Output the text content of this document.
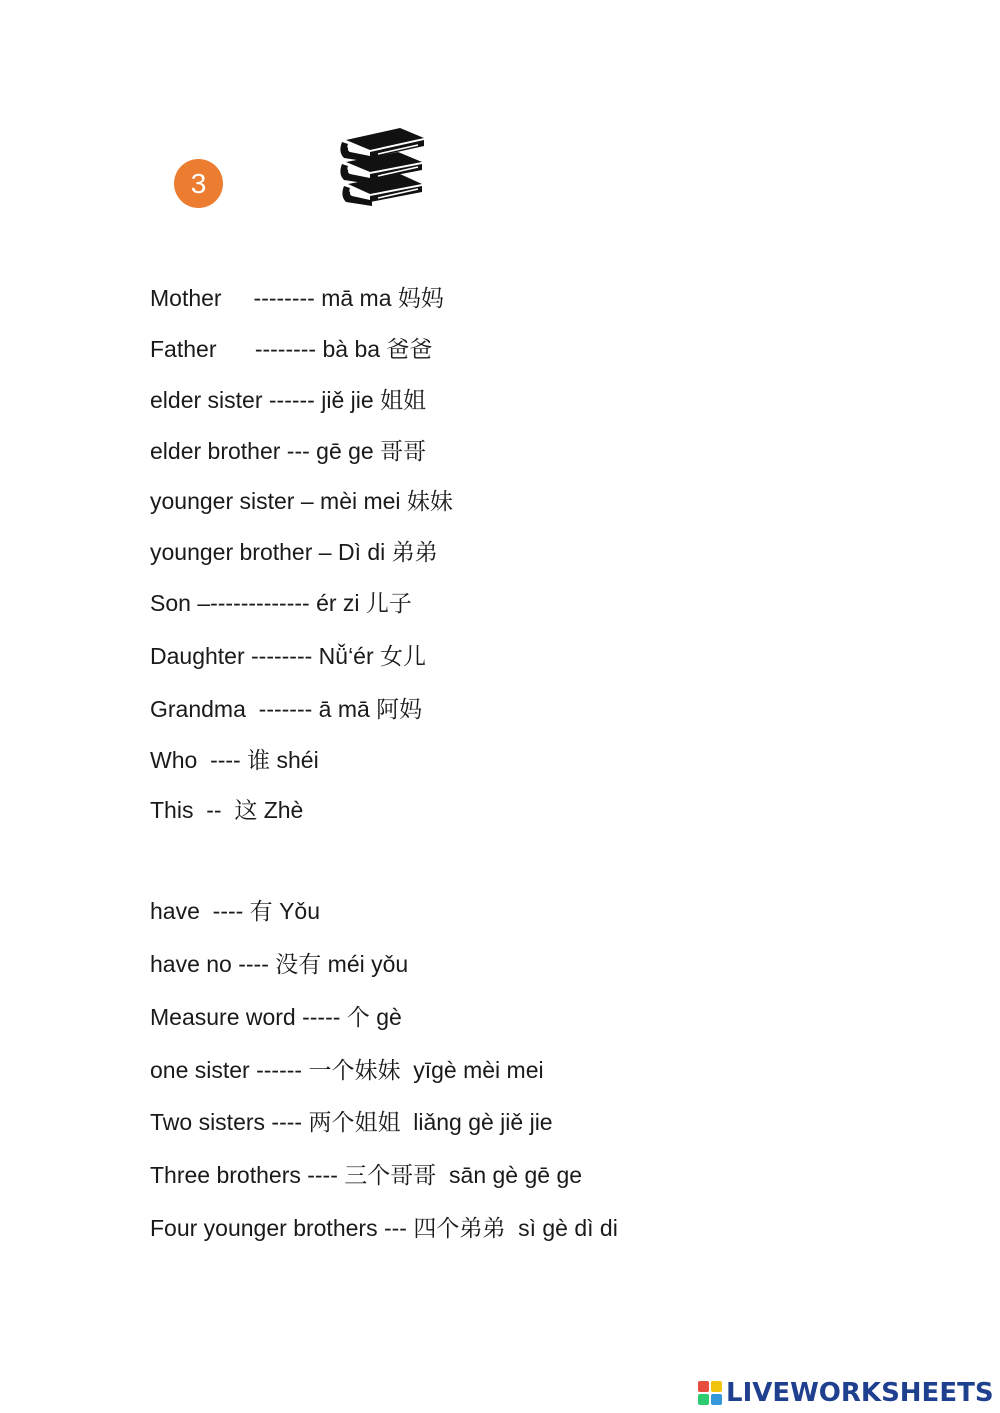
3

Mother     -------- mā ma 妈妈

Father      -------- bà ba 爸爸

elder sister ------ jiě jie 姐姐

elder brother --- gē ge 哥哥

younger sister – mèi mei 妹妹

younger brother – Dì di 弟弟

Son –------------- ér zi 儿子

Daughter -------- Nǚ‘ér 女儿

Grandma  ------- ā mā 阿妈

Who  ---- 谁 shéi

This  --  这 Zhè

have  ---- 有 Yǒu

have no ---- 没有 méi yǒu

Measure word ----- 个 gè

one sister ------ 一个妹妹  yīgè mèi mei

Two sisters ---- 两个姐姐  liǎng gè jiě jie

Three brothers ---- 三个哥哥  sān gè gē ge

Four younger brothers --- 四个弟弟  sì gè dì di

LIVEWORKSHEETS
